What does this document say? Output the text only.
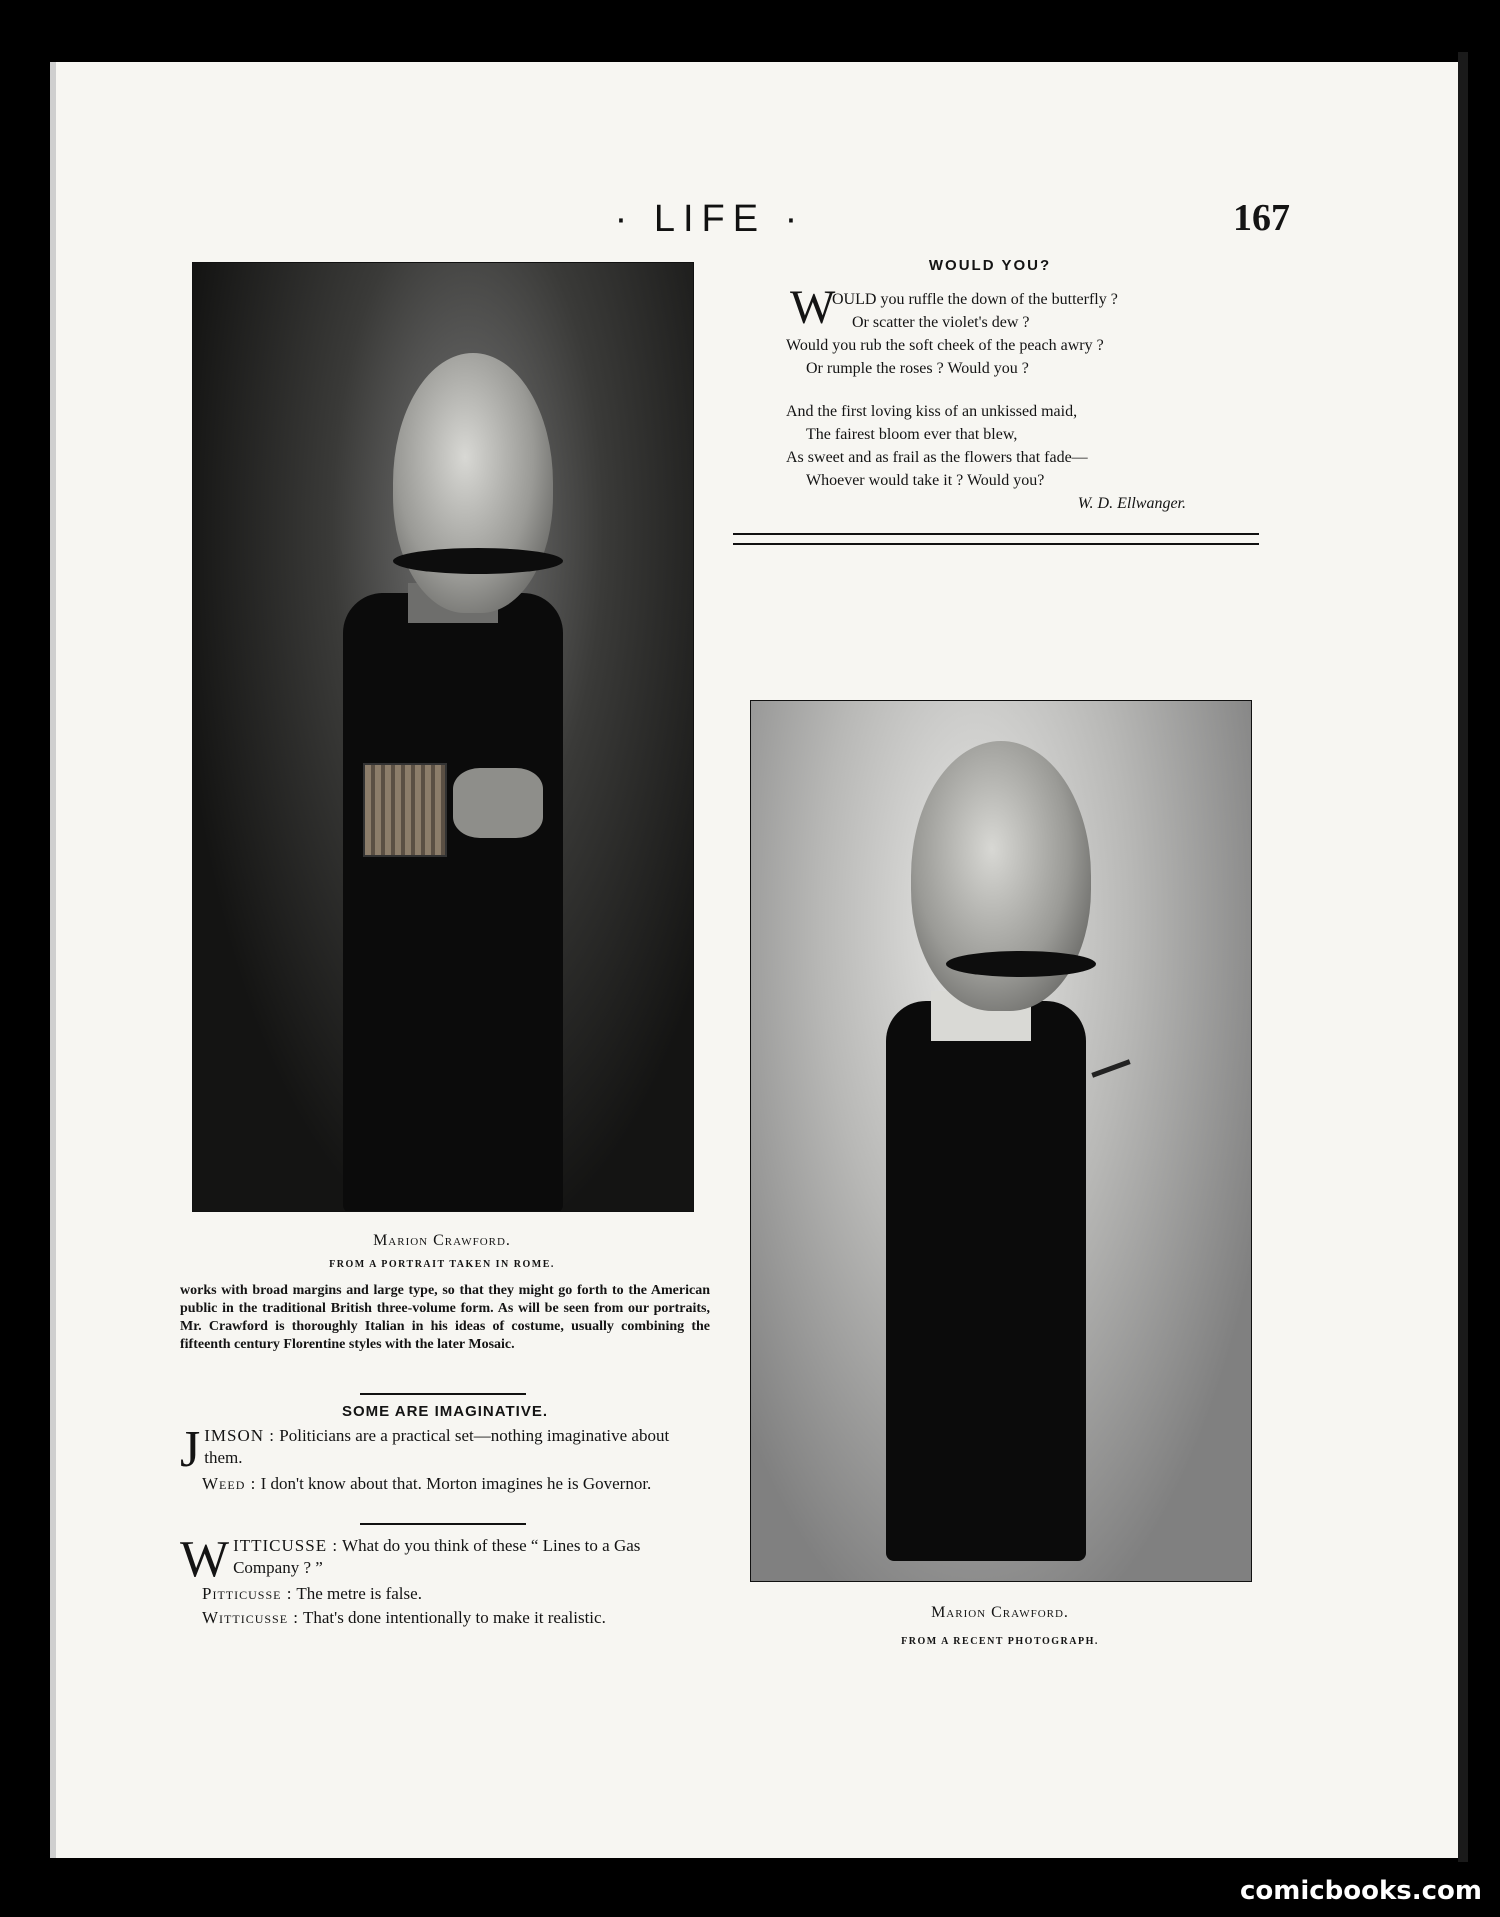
· LIFE ·	167
WOULD YOU?
W
OULD you ruffle the down of the butterfly ?
Or scatter the violet's dew ?
Would you rub the soft cheek of the peach awry ?
Or rumple the roses ? Would you ?
And the first loving kiss of an unkissed maid,
The fairest bloom ever that blew,
As sweet and as frail as the flowers that fade—
Whoever would take it ? Would you?
W. D. Ellwanger.
Marion Crawford.
FROM A PORTRAIT TAKEN IN ROME.
Marion Crawford.
FROM A RECENT PHOTOGRAPH.
works with broad margins and large type, so that they might go forth to the American public in the traditional British three-volume form. As will be seen from our portraits, Mr. Crawford is thoroughly Italian in his ideas of costume, usually combining the fifteenth century Florentine styles with the later Mosaic.
SOME ARE IMAGINATIVE.
J IMSON : Politicians are a practical set—nothing imaginative about them.
Weed : I don't know about that. Morton imagines he is Governor.
W ITTICUSSE : What do you think of these “ Lines to a Gas Company ? ”
Pitticusse : The metre is false.
Witticusse : That's done intentionally to make it realistic.
comicbooks.com
